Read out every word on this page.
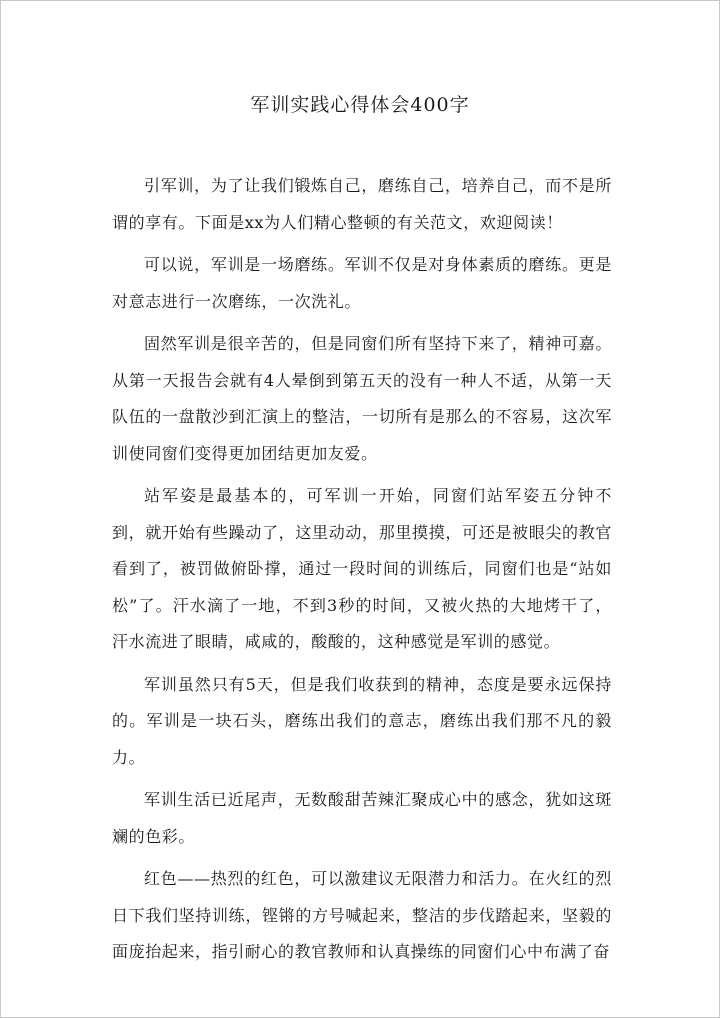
军训实践心得体会400字

引军训，为了让我们锻炼自己，磨练自己，培养自己，而不是所谓的享有。下面是xx为人们精心整顿的有关范文，欢迎阅读！

可以说，军训是一场磨练。军训不仅是对身体素质的磨练。更是对意志进行一次磨练，一次洗礼。

固然军训是很辛苦的，但是同窗们所有坚持下来了，精神可嘉。从第一天报告会就有4人晕倒到第五天的没有一种人不适，从第一天队伍的一盘散沙到汇演上的整洁，一切所有是那么的不容易，这次军训使同窗们变得更加团结更加友爱。

站军姿是最基本的，可军训一开始，同窗们站军姿五分钟不 到，就开始有些躁动了，这里动动，那里摸摸，可还是被眼尖的教官看到了，被罚做俯卧撑，通过一段时间的训练后，同窗们也是“站如松”了。汗水滴了一地，不到3秒的时间，又被火热的大地烤干了，汗水流进了眼睛，咸咸的，酸酸的，这种感觉是军训的感觉。

军训虽然只有5天，但是我们收获到的精神，态度是要永远保持的。军训是一块石头，磨练出我们的意志，磨练出我们那不凡的毅力。

军训生活已近尾声，无数酸甜苦辣汇聚成心中的感念，犹如这斑斓的色彩。

红色——热烈的红色，可以激建议无限潜力和活力。在火红的烈日下我们坚持训练，铿锵的方号喊起来，整洁的步伐踏起来，坚毅的面庞抬起来，指引耐心的教官教师和认真操练的同窗们心中布满了奋
